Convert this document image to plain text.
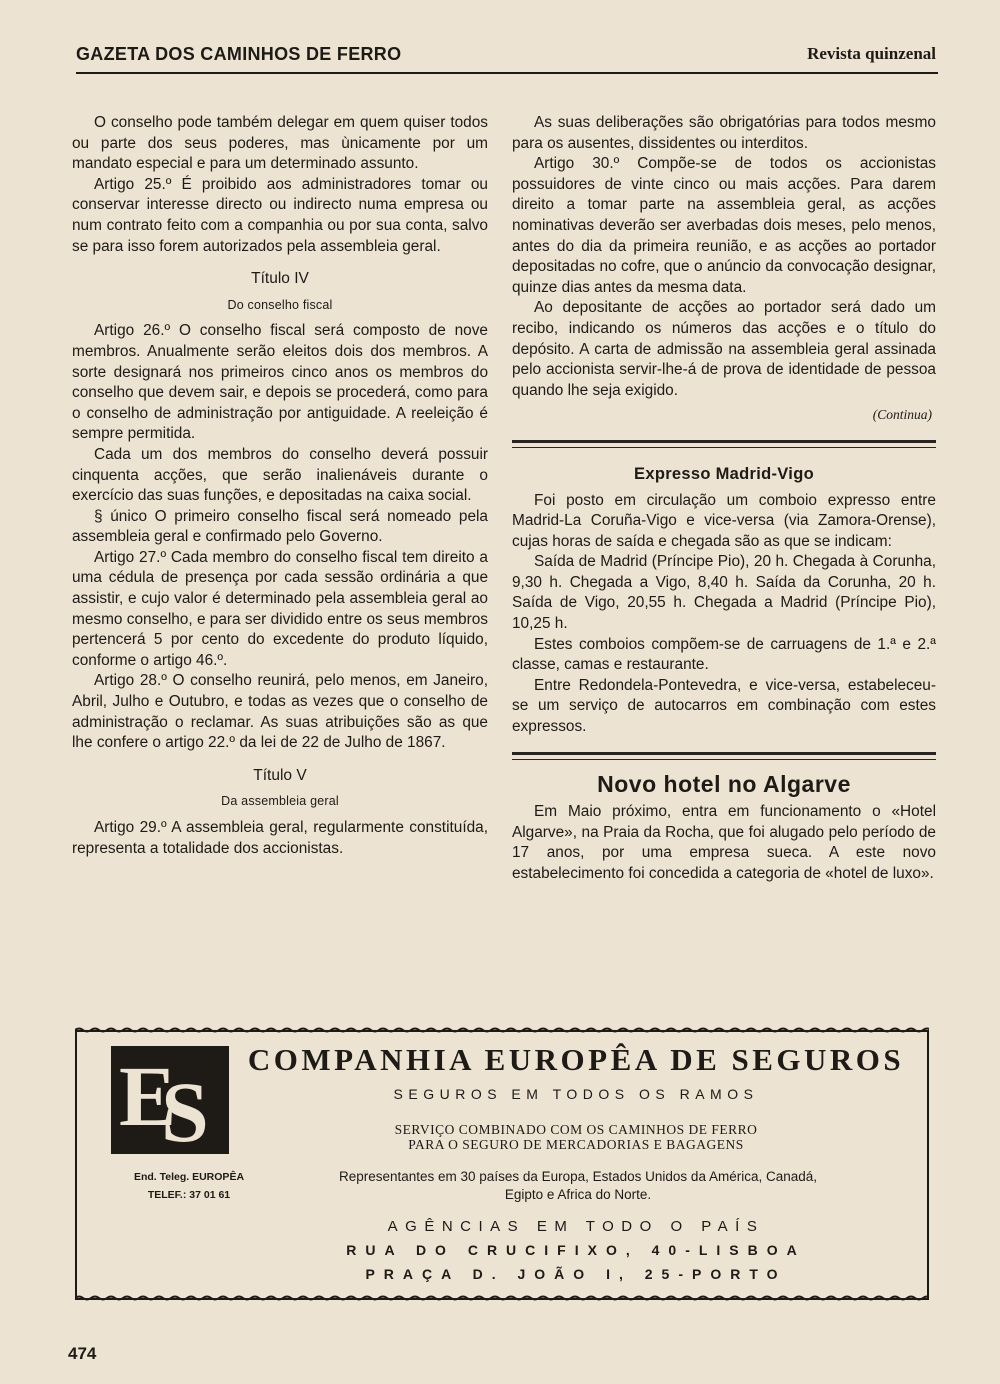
GAZETA DOS CAMINHOS DE FERRO	Revista quinzenal

O conselho pode também delegar em quem quiser todos ou parte dos seus poderes, mas ùnicamente por um mandato especial e para um determinado assunto.

Artigo 25.º É proibido aos administradores tomar ou conservar interesse directo ou indirecto numa empresa ou num contrato feito com a companhia ou por sua conta, salvo se para isso forem autorizados pela assembleia geral.

Título IV
Do conselho fiscal

Artigo 26.º O conselho fiscal será composto de nove membros. Anualmente serão eleitos dois dos membros. A sorte designará nos primeiros cinco anos os membros do conselho que devem sair, e depois se procederá, como para o conselho de administração por antiguidade. A reeleição é sempre permitida.

Cada um dos membros do conselho deverá possuir cinquenta acções, que serão inalienáveis durante o exercício das suas funções, e depositadas na caixa social.

§ único O primeiro conselho fiscal será nomeado pela assembleia geral e confirmado pelo Governo.

Artigo 27.º Cada membro do conselho fiscal tem direito a uma cédula de presença por cada sessão ordinária a que assistir, e cujo valor é determinado pela assembleia geral ao mesmo conselho, e para ser dividido entre os seus membros pertencerá 5 por cento do excedente do produto líquido, conforme o artigo 46.º.

Artigo 28.º O conselho reunirá, pelo menos, em Janeiro, Abril, Julho e Outubro, e todas as vezes que o conselho de administração o reclamar. As suas atribuições são as que lhe confere o artigo 22.º da lei de 22 de Julho de 1867.

Título V
Da assembleia geral

Artigo 29.º A assembleia geral, regularmente constituída, representa a totalidade dos accionistas.

As suas deliberações são obrigatórias para todos mesmo para os ausentes, dissidentes ou interditos.

Artigo 30.º Compõe-se de todos os accionistas possuidores de vinte cinco ou mais acções. Para darem direito a tomar parte na assembleia geral, as acções nominativas deverão ser averbadas dois meses, pelo menos, antes do dia da primeira reunião, e as acções ao portador depositadas no cofre, que o anúncio da convocação designar, quinze dias antes da mesma data.

Ao depositante de acções ao portador será dado um recibo, indicando os números das acções e o título do depósito. A carta de admissão na assembleia geral assinada pelo accionista servir-lhe-á de prova de identidade de pessoa quando lhe seja exigido.

(Continua)
Expresso Madrid-Vigo

Foi posto em circulação um comboio expresso entre Madrid-La Coruña-Vigo e vice-versa (via Zamora-Orense), cujas horas de saída e chegada são as que se indicam:

Saída de Madrid (Príncipe Pio), 20 h. Chegada à Corunha, 9,30 h. Chegada a Vigo, 8,40 h. Saída da Corunha, 20 h. Saída de Vigo, 20,55 h. Chegada a Madrid (Príncipe Pio), 10,25 h.

Estes comboios compõem-se de carruagens de 1.ª e 2.ª classe, camas e restaurante.

Entre Redondela-Pontevedra, e vice-versa, estabeleceu-se um serviço de autocarros em combinação com estes expressos.

Novo hotel no Algarve

Em Maio próximo, entra em funcionamento o «Hotel Algarve», na Praia da Rocha, que foi alugado pelo período de 17 anos, por uma empresa sueca. A este novo estabelecimento foi concedida a categoria de «hotel de luxo».

E
S
COMPANHIA EUROPÊA DE SEGUROS
SEGUROS EM TODOS OS RAMOS
SERVIÇO COMBINADO COM OS CAMINHOS DE FERRO
PARA O SEGURO DE MERCADORIAS E BAGAGENS
End. Teleg. EUROPÊA
TELEF.: 37 01 61
Representantes em 30 países da Europa, Estados Unidos da América, Canadá,
Egipto e Africa do Norte.
AGÊNCIAS EM TODO O PAÍS
RUA DO CRUCIFIXO, 40-LISBOA
PRAÇA D. JOÃO I, 25-PORTO
474
